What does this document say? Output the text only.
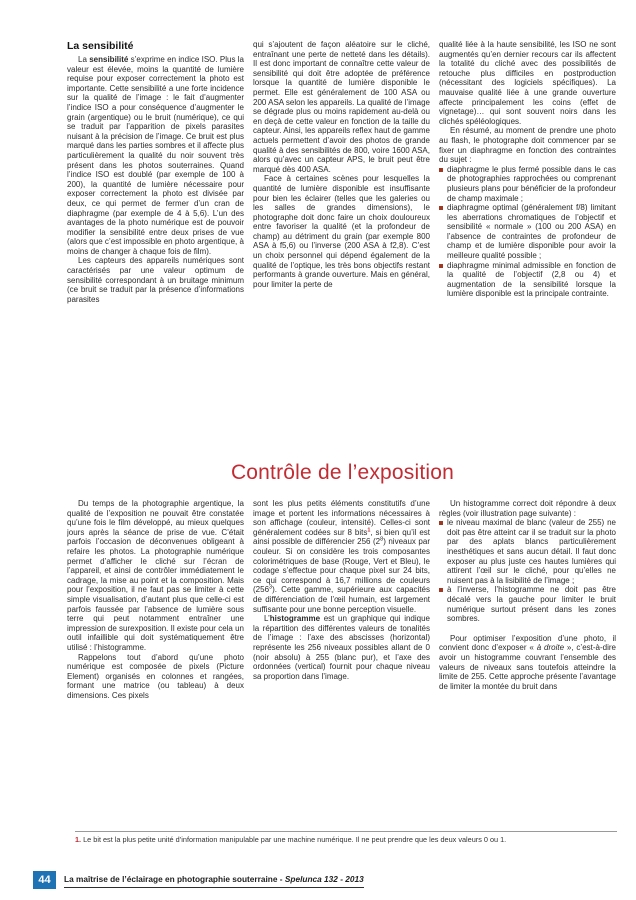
La sensibilité

La sensibilité s’exprime en indice ISO. Plus la valeur est élevée, moins la quantité de lumière requise pour exposer correctement la photo est importante. Cette sensibilité a une forte incidence sur la qualité de l’image : le fait d’augmenter l’indice ISO a pour conséquence d’augmenter le grain (argentique) ou le bruit (numérique), ce qui se traduit par l’apparition de pixels parasites nuisant à la précision de l’image. Ce bruit est plus marqué dans les parties sombres et il affecte plus particulièrement la qualité du noir souvent très présent dans les photos souterraines. Quand l’indice ISO est doublé (par exemple de 100 à 200), la quantité de lumière nécessaire pour exposer correctement la photo est divisée par deux, ce qui permet de fermer d’un cran de diaphragme (par exemple de 4 à 5,6). L’un des avantages de la photo numérique est de pouvoir modifier la sensibilité entre deux prises de vue (alors que c’est impossible en photo argentique, à moins de changer à chaque fois de film).

Les capteurs des appareils numériques sont caractérisés par une valeur optimum de sensibilité correspondant à un bruitage minimum (ce bruit se traduit par la présence d’informations parasites

qui s’ajoutent de façon aléatoire sur le cliché, entraînant une perte de netteté dans les détails). Il est donc important de connaître cette valeur de sensibilité qui doit être adoptée de préférence lorsque la quantité de lumière disponible le permet. Elle est généralement de 100 ASA ou 200 ASA selon les appareils. La qualité de l’image se dégrade plus ou moins rapidement au-delà ou en deçà de cette valeur en fonction de la taille du capteur. Ainsi, les appareils reflex haut de gamme actuels permettent d’avoir des photos de grande qualité à des sensibilités de 800, voire 1600 ASA, alors qu’avec un capteur APS, le bruit peut être marqué dès 400 ASA.

Face à certaines scènes pour lesquelles la quantité de lumière disponible est insuffisante pour bien les éclairer (telles que les galeries ou les salles de grandes dimensions), le photographe doit donc faire un choix douloureux entre favoriser la qualité (et la profondeur de champ) au détriment du grain (par exemple 800 ASA à f5,6) ou l’inverse (200 ASA à f2,8). C’est un choix personnel qui dépend également de la qualité de l’optique, les très bons objectifs restant performants à grande ouverture. Mais en général, pour limiter la perte de

qualité liée à la haute sensibilité, les ISO ne sont augmentés qu’en dernier recours car ils affectent la totalité du cliché avec des possibilités de retouche plus difficiles en postproduction (nécessitant des logiciels spécifiques). La mauvaise qualité liée à une grande ouverture affecte principalement les coins (effet de vignetage)… qui sont souvent noirs dans les clichés spéléologiques.

En résumé, au moment de prendre une photo au flash, le photographe doit commencer par se fixer un diaphragme en fonction des contraintes du sujet :

diaphragme le plus fermé possible dans le cas de photographies rapprochées ou comprenant plusieurs plans pour bénéficier de la profondeur de champ maximale ;
diaphragme optimal (généralement f/8) limitant les aberrations chromatiques de l’objectif et sensibilité « normale » (100 ou 200 ASA) en l’absence de contraintes de profondeur de champ et de lumière disponible pour avoir la meilleure qualité possible ;
diaphragme minimal admissible en fonction de la qualité de l’objectif (2,8 ou 4) et augmentation de la sensibilité lorsque la lumière disponible est la principale contrainte.
Contrôle de l’exposition

Du temps de la photographie argentique, la qualité de l’exposition ne pouvait être constatée qu’une fois le film développé, au mieux quelques jours après la séance de prise de vue. C’était parfois l’occasion de déconvenues obligeant à refaire les photos. La photographie numérique permet d’afficher le cliché sur l’écran de l’appareil, et ainsi de contrôler immédiatement le cadrage, la mise au point et la composition. Mais pour l’exposition, il ne faut pas se limiter à cette simple visualisation, d’autant plus que celle-ci est parfois faussée par l’absence de lumière sous terre qui peut notamment entraîner une impression de surexposition. Il existe pour cela un outil infaillible qui doit systématiquement être utilisé : l’histogramme.

Rappelons tout d’abord qu’une photo numérique est composée de pixels (Picture Element) organisés en colonnes et rangées, formant une matrice (ou tableau) à deux dimensions. Ces pixels

sont les plus petits éléments constitutifs d’une image et portent les informations nécessaires à son affichage (couleur, intensité). Celles-ci sont généralement codées sur 8 bits$^1$, si bien qu’il est ainsi possible de différencier 256 $(2^8)$ niveaux par couleur. Si on considère les trois composantes colorimétriques de base (Rouge, Vert et Bleu), le codage s’effectue pour chaque pixel sur 24 bits, ce qui correspond à 16,7 millions de couleurs $(256^3)$. Cette gamme, supérieure aux capacités de différenciation de l’œil humain, est largement suffisante pour une bonne perception visuelle.

L’histogramme est un graphique qui indique la répartition des différentes valeurs de tonalités de l’image : l’axe des abscisses (horizontal) représente les 256 niveaux possibles allant de 0 (noir absolu) à 255 (blanc pur), et l’axe des ordonnées (vertical) fournit pour chaque niveau sa proportion dans l’image.

Un histogramme correct doit répondre à deux règles (voir illustration page suivante) :

le niveau maximal de blanc (valeur de 255) ne doit pas être atteint car il se traduit sur la photo par des aplats blancs particulièrement inesthétiques et sans aucun détail. Il faut donc exposer au plus juste ces hautes lumières qui attirent l’œil sur le cliché, pour qu’elles ne nuisent pas à la lisibilité de l’image ;
à l’inverse, l’histogramme ne doit pas être décalé vers la gauche pour limiter le bruit numérique surtout présent dans les zones sombres.

Pour optimiser l’exposition d’une photo, il convient donc d’exposer « à droite », c’est-à-dire avoir un histogramme couvrant l’ensemble des valeurs de niveaux sans toutefois atteindre la limite de 255. Cette approche présente l’avantage de limiter la montée du bruit dans

1. Le bit est la plus petite unité d’information manipulable par une machine numérique. Il ne peut prendre que les deux valeurs 0 ou 1.
44	La maîtrise de l’éclairage en photographie souterraine - Spelunca 132 - 2013
